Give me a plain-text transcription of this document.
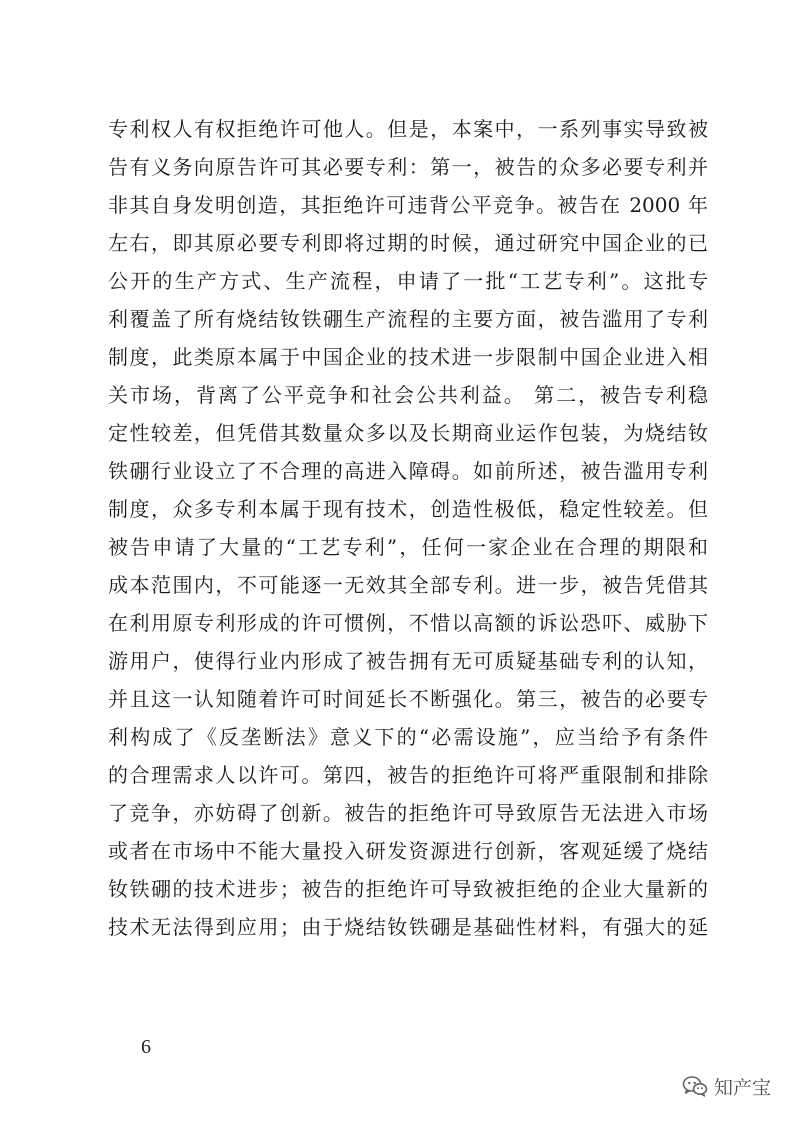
专利权人有权拒绝许可他人。但是，本案中，一系列事实导致被
告有义务向原告许可其必要专利：第一，被告的众多必要专利并
非其自身发明创造，其拒绝许可违背公平竞争。被告在 2000 年
左右，即其原必要专利即将过期的时候，通过研究中国企业的已
公开的生产方式、生产流程，申请了一批“工艺专利”。这批专
利覆盖了所有烧结钕铁硼生产流程的主要方面，被告滥用了专利
制度，此类原本属于中国企业的技术进一步限制中国企业进入相
关市场，背离了公平竞争和社会公共利益。 第二，被告专利稳
定性较差，但凭借其数量众多以及长期商业运作包装，为烧结钕
铁硼行业设立了不合理的高进入障碍。如前所述，被告滥用专利
制度，众多专利本属于现有技术，创造性极低，稳定性较差。但
被告申请了大量的“工艺专利”，任何一家企业在合理的期限和
成本范围内，不可能逐一无效其全部专利。进一步，被告凭借其
在利用原专利形成的许可惯例，不惜以高额的诉讼恐吓、威胁下
游用户，使得行业内形成了被告拥有无可质疑基础专利的认知，
并且这一认知随着许可时间延长不断强化。第三，被告的必要专
利构成了《反垄断法》意义下的“必需设施”，应当给予有条件
的合理需求人以许可。第四，被告的拒绝许可将严重限制和排除
了竞争，亦妨碍了创新。被告的拒绝许可导致原告无法进入市场
或者在市场中不能大量投入研发资源进行创新，客观延缓了烧结
钕铁硼的技术进步；被告的拒绝许可导致被拒绝的企业大量新的
技术无法得到应用；由于烧结钕铁硼是基础性材料，有强大的延
6
知产宝
